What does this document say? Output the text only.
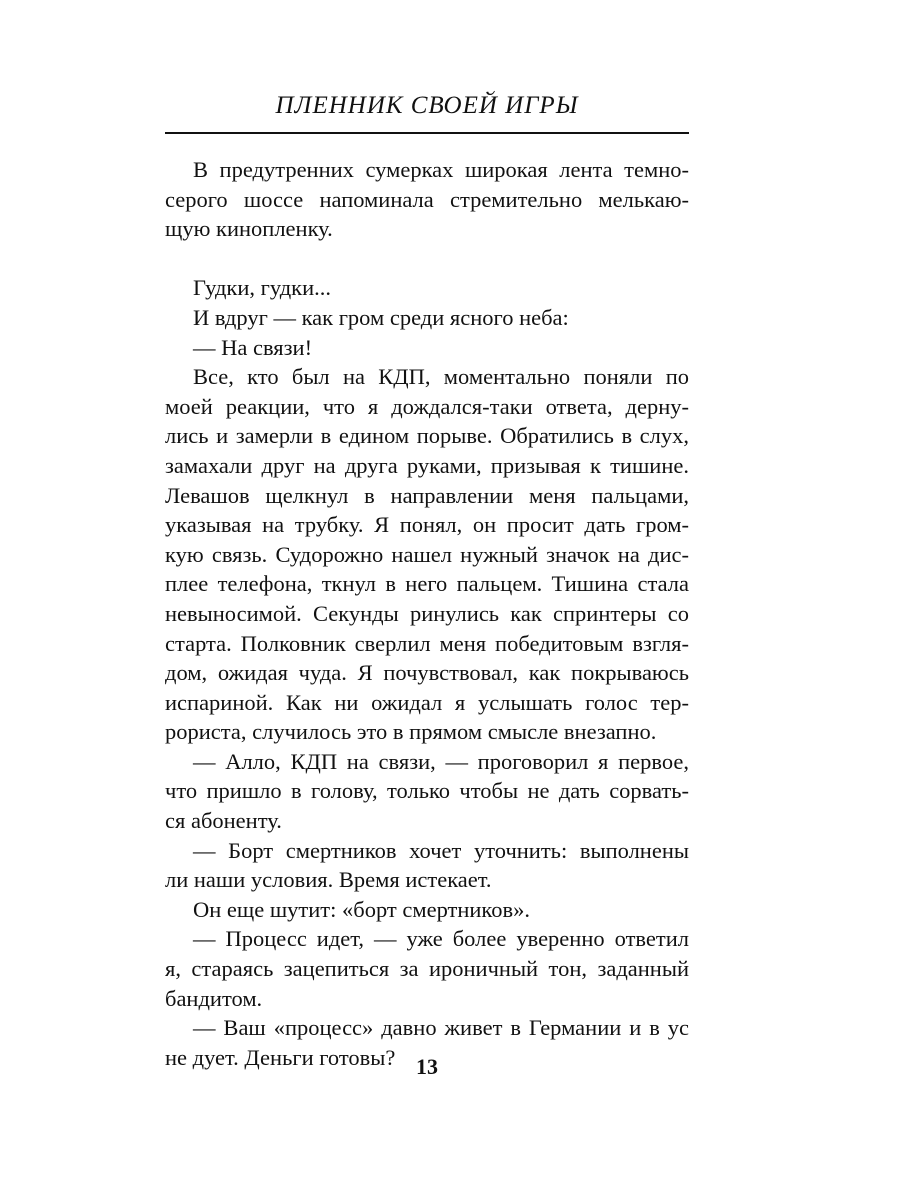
ПЛЕННИК СВОЕЙ ИГРЫ

В предутренних сумерках широкая лента темно-
серого шоссе напоминала стремительно мелькаю-
щую кинопленку.

Гудки, гудки...

И вдруг — как гром среди ясного неба:

— На связи!

Все, кто был на КДП, моментально поняли по
моей реакции, что я дождался-таки ответа, дерну-
лись и замерли в едином порыве. Обратились в слух,
замахали друг на друга руками, призывая к тишине.
Левашов щелкнул в направлении меня пальцами,
указывая на трубку. Я понял, он просит дать гром-
кую связь. Судорожно нашел нужный значок на дис-
плее телефона, ткнул в него пальцем. Тишина стала
невыносимой. Секунды ринулись как спринтеры со
старта. Полковник сверлил меня победитовым взгля-
дом, ожидая чуда. Я почувствовал, как покрываюсь
испариной. Как ни ожидал я услышать голос тер-
рориста, случилось это в прямом смысле внезапно.

— Алло, КДП на связи, — проговорил я первое,
что пришло в голову, только чтобы не дать сорвать-
ся абоненту.

— Борт смертников хочет уточнить: выполнены
ли наши условия. Время истекает.

Он еще шутит: «борт смертников».

— Процесс идет, — уже более уверенно ответил
я, стараясь зацепиться за ироничный тон, заданный
бандитом.

— Ваш «процесс» давно живет в Германии и в ус
не дует. Деньги готовы? 13
